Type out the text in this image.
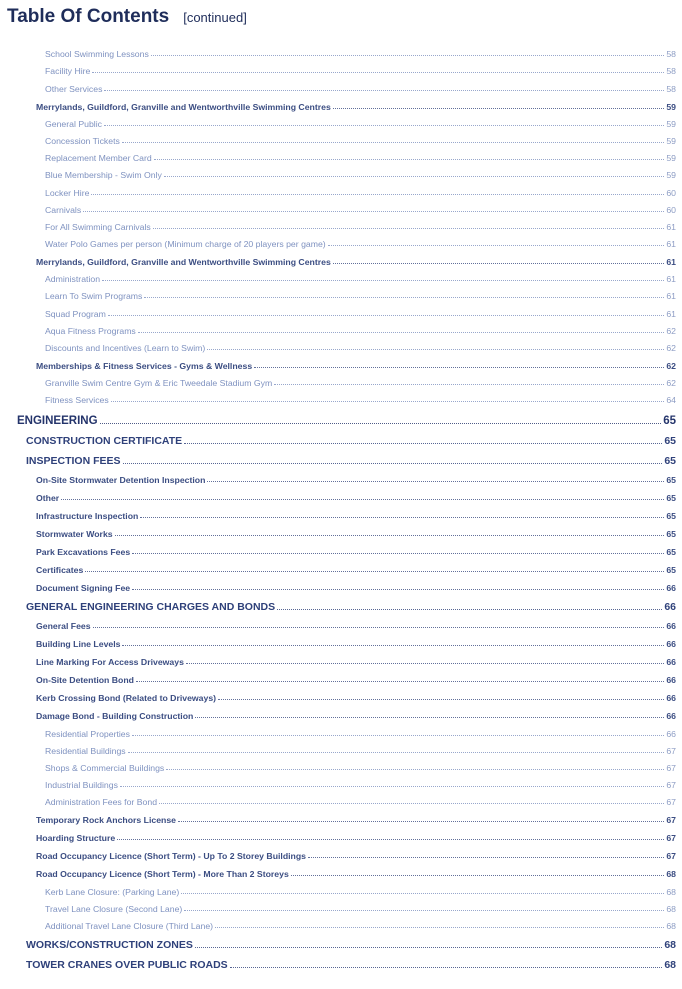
Table Of Contents [continued]
School Swimming Lessons	58
Facility Hire	58
Other Services	58
Merrylands, Guildford, Granville and Wentworthville Swimming Centres	59
General Public	59
Concession Tickets	59
Replacement Member Card	59
Blue Membership - Swim Only	59
Locker Hire	60
Carnivals	60
For All Swimming Carnivals	61
Water Polo Games per person (Minimum charge of 20 players per game)	61
Merrylands, Guildford, Granville and Wentworthville Swimming Centres	61
Administration	61
Learn To Swim Programs	61
Squad Program	61
Aqua Fitness Programs	62
Discounts and Incentives (Learn to Swim)	62
Memberships & Fitness Services - Gyms & Wellness	62
Granville Swim Centre Gym & Eric Tweedale Stadium Gym	62
Fitness Services	64
ENGINEERING	65
CONSTRUCTION CERTIFICATE	65
INSPECTION FEES	65
On-Site Stormwater Detention Inspection	65
Other	65
Infrastructure Inspection	65
Stormwater Works	65
Park Excavations Fees	65
Certificates	65
Document Signing Fee	66
GENERAL ENGINEERING CHARGES AND BONDS	66
General Fees	66
Building Line Levels	66
Line Marking For Access Driveways	66
On-Site Detention Bond	66
Kerb Crossing Bond (Related to Driveways)	66
Damage Bond - Building Construction	66
Residential Properties	66
Residential Buildings	67
Shops & Commercial Buildings	67
Industrial Buildings	67
Administration Fees for Bond	67
Temporary Rock Anchors License	67
Hoarding Structure	67
Road Occupancy Licence (Short Term) - Up To 2 Storey Buildings	67
Road Occupancy Licence (Short Term) - More Than 2 Storeys	68
Kerb Lane Closure: (Parking Lane)	68
Travel Lane Closure (Second Lane)	68
Additional Travel Lane Closure (Third Lane)	68
WORKS/CONSTRUCTION ZONES	68
TOWER CRANES OVER PUBLIC ROADS	68
